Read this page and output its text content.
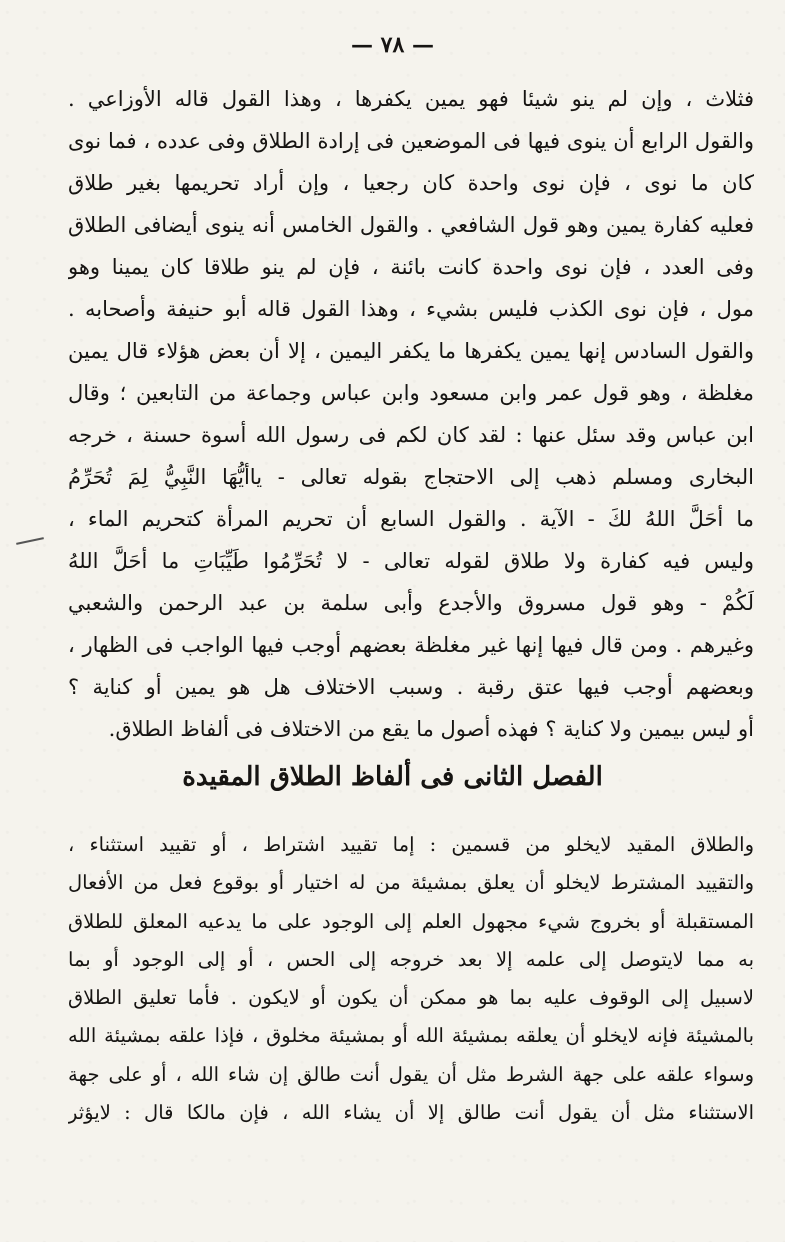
— ٧٨ —
فثلاث ، وإن لم ينو شيئا فهو يمين يكفرها ، وهذا القول قاله الأوزاعي .
والقول الرابع أن ينوى فيها فى الموضعين فى إرادة الطلاق وفى عدده ، فما نوى
كان ما نوى ، فإن نوى واحدة كان رجعيا ، وإن أراد تحريمها بغير طلاق
فعليه كفارة يمين وهو قول الشافعي . والقول الخامس أنه ينوى أيضافى الطلاق
وفى العدد ، فإن نوى واحدة كانت بائنة ، فإن لم ينو طلاقا كان يمينا وهو
مول ، فإن نوى الكذب فليس بشيء ، وهذا القول قاله أبو حنيفة وأصحابه .
والقول السادس إنها يمين يكفرها ما يكفر اليمين ، إلا أن بعض هؤلاء قال يمين
مغلظة ، وهو قول عمر وابن مسعود وابن عباس وجماعة من التابعين ؛ وقال
ابن عباس وقد سئل عنها : لقد كان لكم فى رسول الله أسوة حسنة ، خرجه
البخارى ومسلم ذهب إلى الاحتجاج بقوله تعالى - ياأيُّهَا النَّبِيُّ لِمَ تُحَرِّمُ
ما أحَلَّ اللهُ لكَ - الآية . والقول السابع أن تحريم المرأة كتحريم الماء ،
وليس فيه كفارة ولا طلاق لقوله تعالى - لا تُحَرِّمُوا طَيِّبَاتِ ما أحَلَّ اللهُ
لَكُمْ - وهو قول مسروق والأجدع وأبى سلمة بن عبد الرحمن والشعبي
وغيرهم . ومن قال فيها إنها غير مغلظة بعضهم أوجب فيها الواجب فى الظهار ،
وبعضهم أوجب فيها عتق رقبة . وسبب الاختلاف هل هو يمين أو كناية ؟
أو ليس بيمين ولا كناية ؟ فهذه أصول ما يقع من الاختلاف فى ألفاظ الطلاق.
الفصل الثانى فى ألفاظ الطلاق المقيدة
والطلاق المقيد لايخلو من قسمين : إما تقييد اشتراط ، أو تقييد استثناء ،
والتقييد المشترط لايخلو أن يعلق بمشيئة من له اختيار أو بوقوع فعل من الأفعال
المستقبلة أو بخروج شيء مجهول العلم إلى الوجود على ما يدعيه المعلق للطلاق
به مما لايتوصل إلى علمه إلا بعد خروجه إلى الحس ، أو إلى الوجود أو بما
لاسبيل إلى الوقوف عليه بما هو ممكن أن يكون أو لايكون . فأما تعليق الطلاق
بالمشيئة فإنه لايخلو أن يعلقه بمشيئة الله أو بمشيئة مخلوق ، فإذا علقه بمشيئة الله
وسواء علقه على جهة الشرط مثل أن يقول أنت طالق إن شاء الله ، أو على جهة
الاستثناء مثل أن يقول أنت طالق إلا أن يشاء الله ، فإن مالكا قال : لايؤثر
